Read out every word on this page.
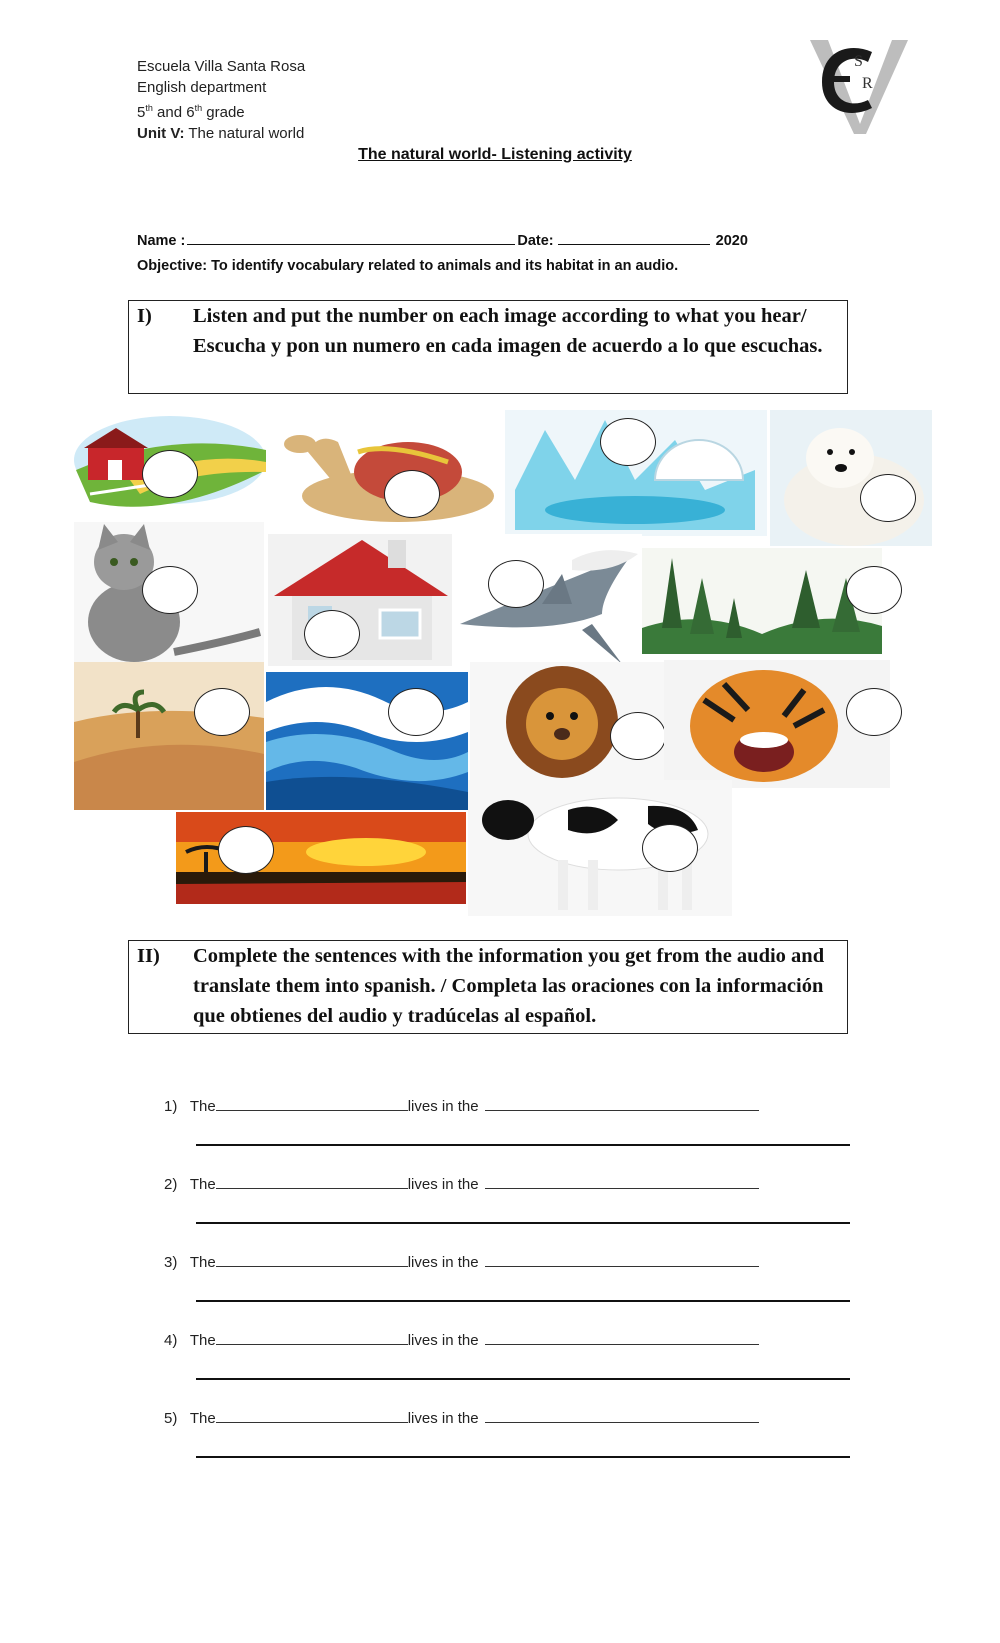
Escuela Villa Santa Rosa
English department
5th and 6th grade
Unit V: The natural world
S
R
The natural world- Listening activity
Name :	Date:	2020
Objective: To identify vocabulary related to animals and its habitat in an audio.
I) Listen and put the number on each image according to what you hear/ Escucha y pon un numero en cada imagen de acuerdo a lo que escuchas.
II) Complete the sentences with the information you get from the audio and translate them into spanish. / Completa las oraciones con la información que obtienes del audio y tradúcelas al español.
1) The	lives in the
2) The	lives in the
3) The	lives in the
4) The	lives in the
5) The	lives in the
